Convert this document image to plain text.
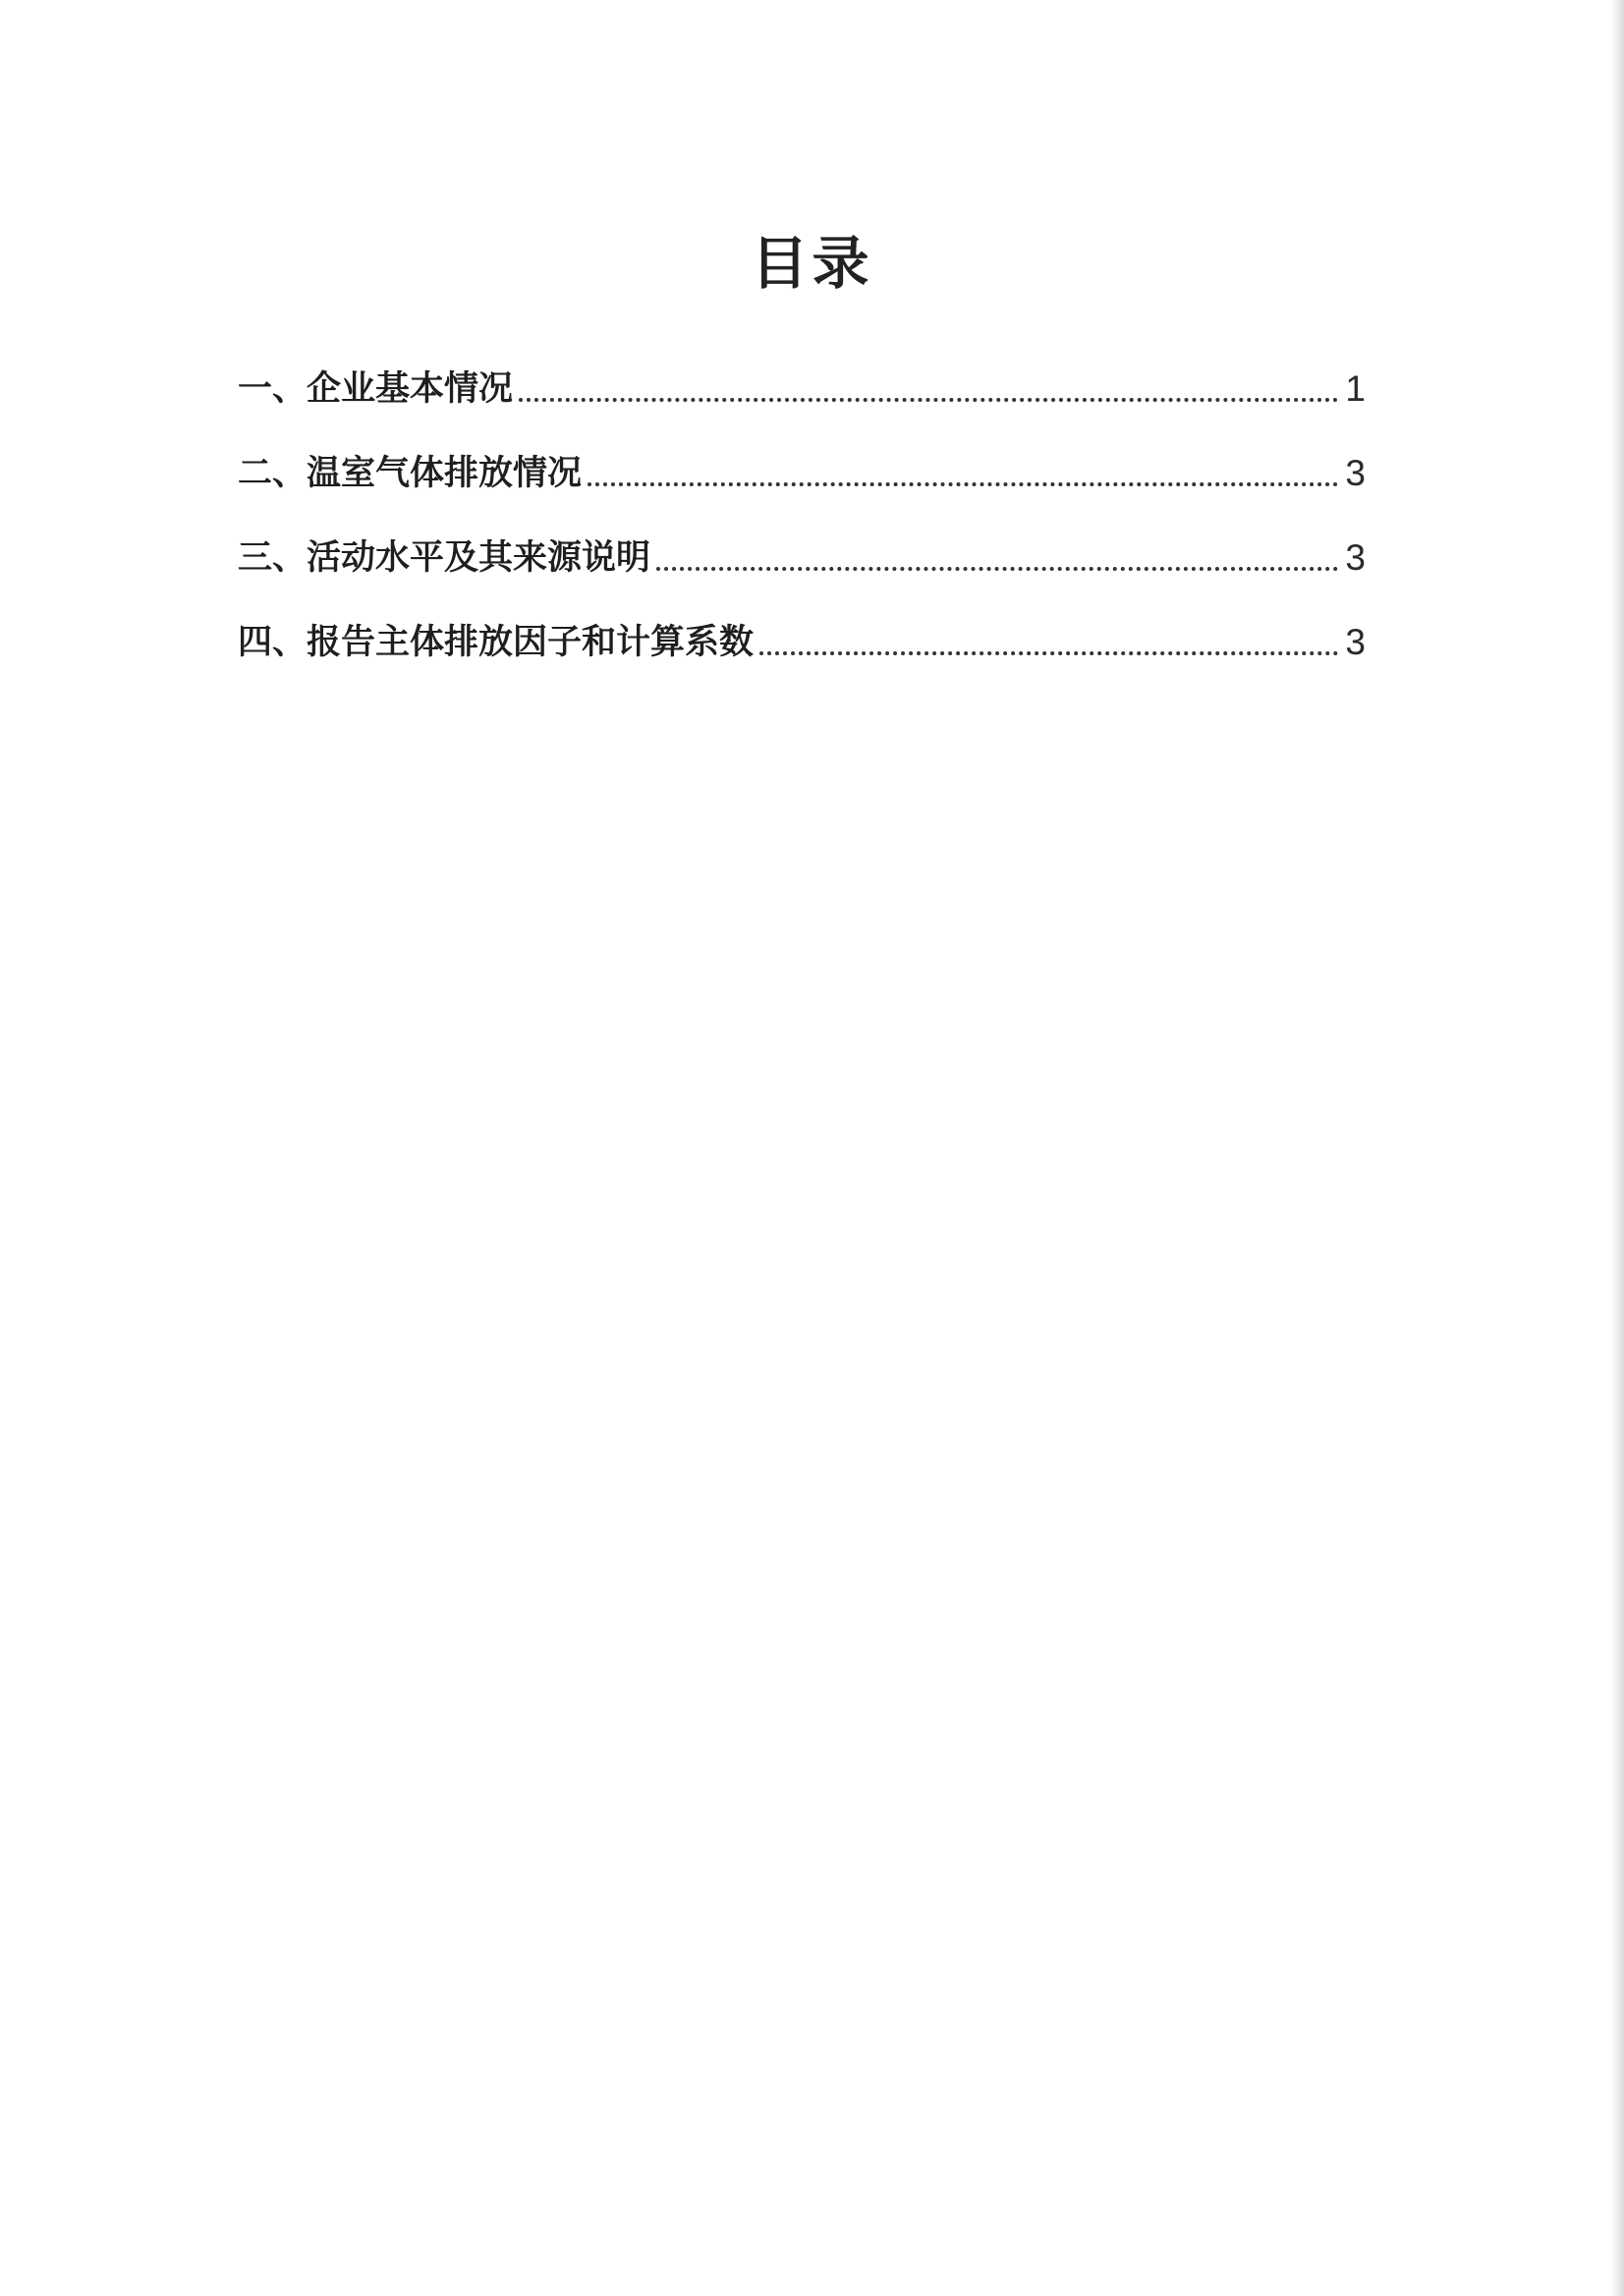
目录
一、企业基本情况	1
二、温室气体排放情况	3
三、活动水平及其来源说明	3
四、报告主体排放因子和计算系数	3
